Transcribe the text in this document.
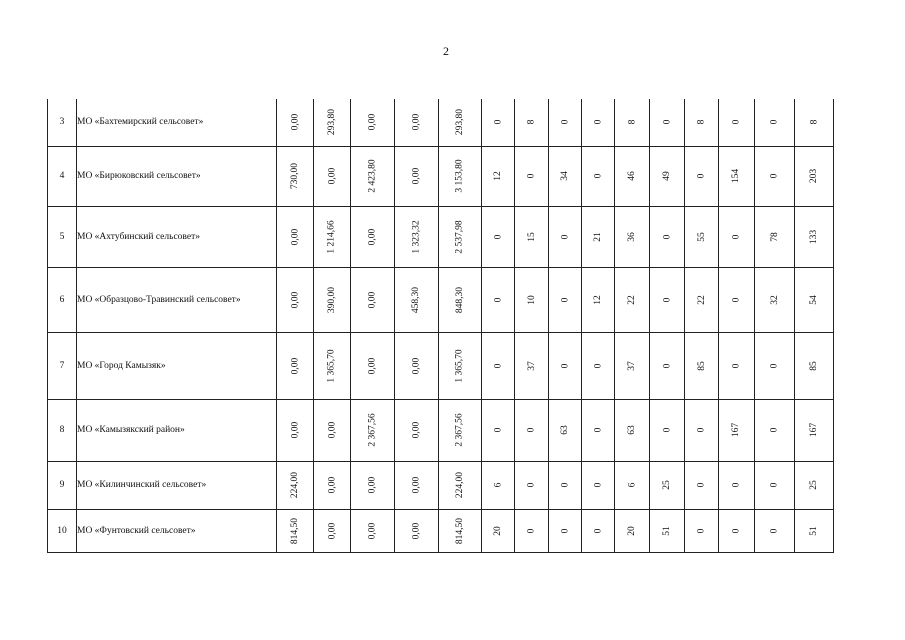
2
3	МО «Бахтемирский сельсовет»	0,00	293,80	0,00	0,00	293,80	0	8	0	0	8	0	8	0	0	8
4	МО «Бирюковский сельсовет»	730,00	0,00	2 423,80	0,00	3 153,80	12	0	34	0	46	49	0	154	0	203
5	МО «Ахтубинский сельсовет»	0,00	1 214,66	0,00	1 323,32	2 537,98	0	15	0	21	36	0	55	0	78	133
6	МО «Образцово-Травинский сельсовет»	0,00	390,00	0,00	458,30	848,30	0	10	0	12	22	0	22	0	32	54
7	МО «Город Камызяк»	0,00	1 365,70	0,00	0,00	1 365,70	0	37	0	0	37	0	85	0	0	85
8	МО «Камызякский район»	0,00	0,00	2 367,56	0,00	2 367,56	0	0	63	0	63	0	0	167	0	167
9	МО «Килинчинский сельсовет»	224,00	0,00	0,00	0,00	224,00	6	0	0	0	6	25	0	0	0	25
10	МО «Фунтовский сельсовет»	814,50	0,00	0,00	0,00	814,50	20	0	0	0	20	51	0	0	0	51
